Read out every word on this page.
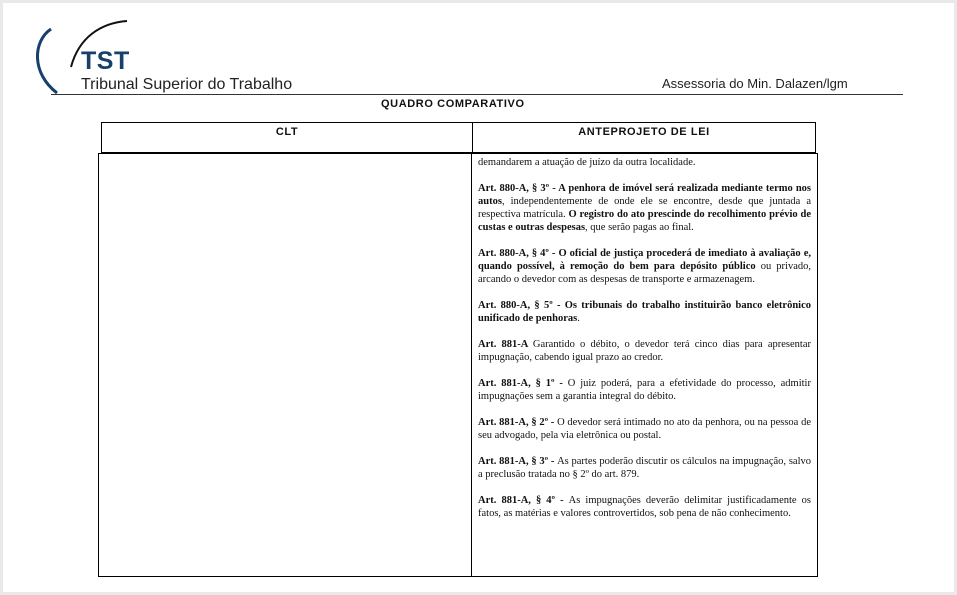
TST
Tribunal Superior do Trabalho	Assessoria do Min. Dalazen/lgm
QUADRO COMPARATIVO
CLT	ANTEPROJETO DE LEI

demandarem a atuação de juízo da outra localidade.

Art. 880-A, § 3º - A penhora de imóvel será realizada mediante termo nos autos, independentemente de onde ele se encontre, desde que juntada a respectiva matrícula. O registro do ato prescinde do recolhimento prévio de custas e outras despesas, que serão pagas ao final.

Art. 880-A, § 4º - O oficial de justiça procederá de imediato à avaliação e, quando possível, à remoção do bem para depósito público ou privado, arcando o devedor com as despesas de transporte e armazenagem.

Art. 880-A, § 5º - Os tribunais do trabalho instituirão banco eletrônico unificado de penhoras.

Art. 881-A Garantido o débito, o devedor terá cinco dias para apresentar impugnação, cabendo igual prazo ao credor.

Art. 881-A, § 1º - O juiz poderá, para a efetividade do processo, admitir impugnações sem a garantia integral do débito.

Art. 881-A, § 2º - O devedor será intimado no ato da penhora, ou na pessoa de seu advogado, pela via eletrônica ou postal.

Art. 881-A, § 3º - As partes poderão discutir os cálculos na impugnação, salvo a preclusão tratada no § 2º do art. 879.

Art. 881-A, § 4º - As impugnações deverão delimitar justificadamente os fatos, as matérias e valores controvertidos, sob pena de não conhecimento.
